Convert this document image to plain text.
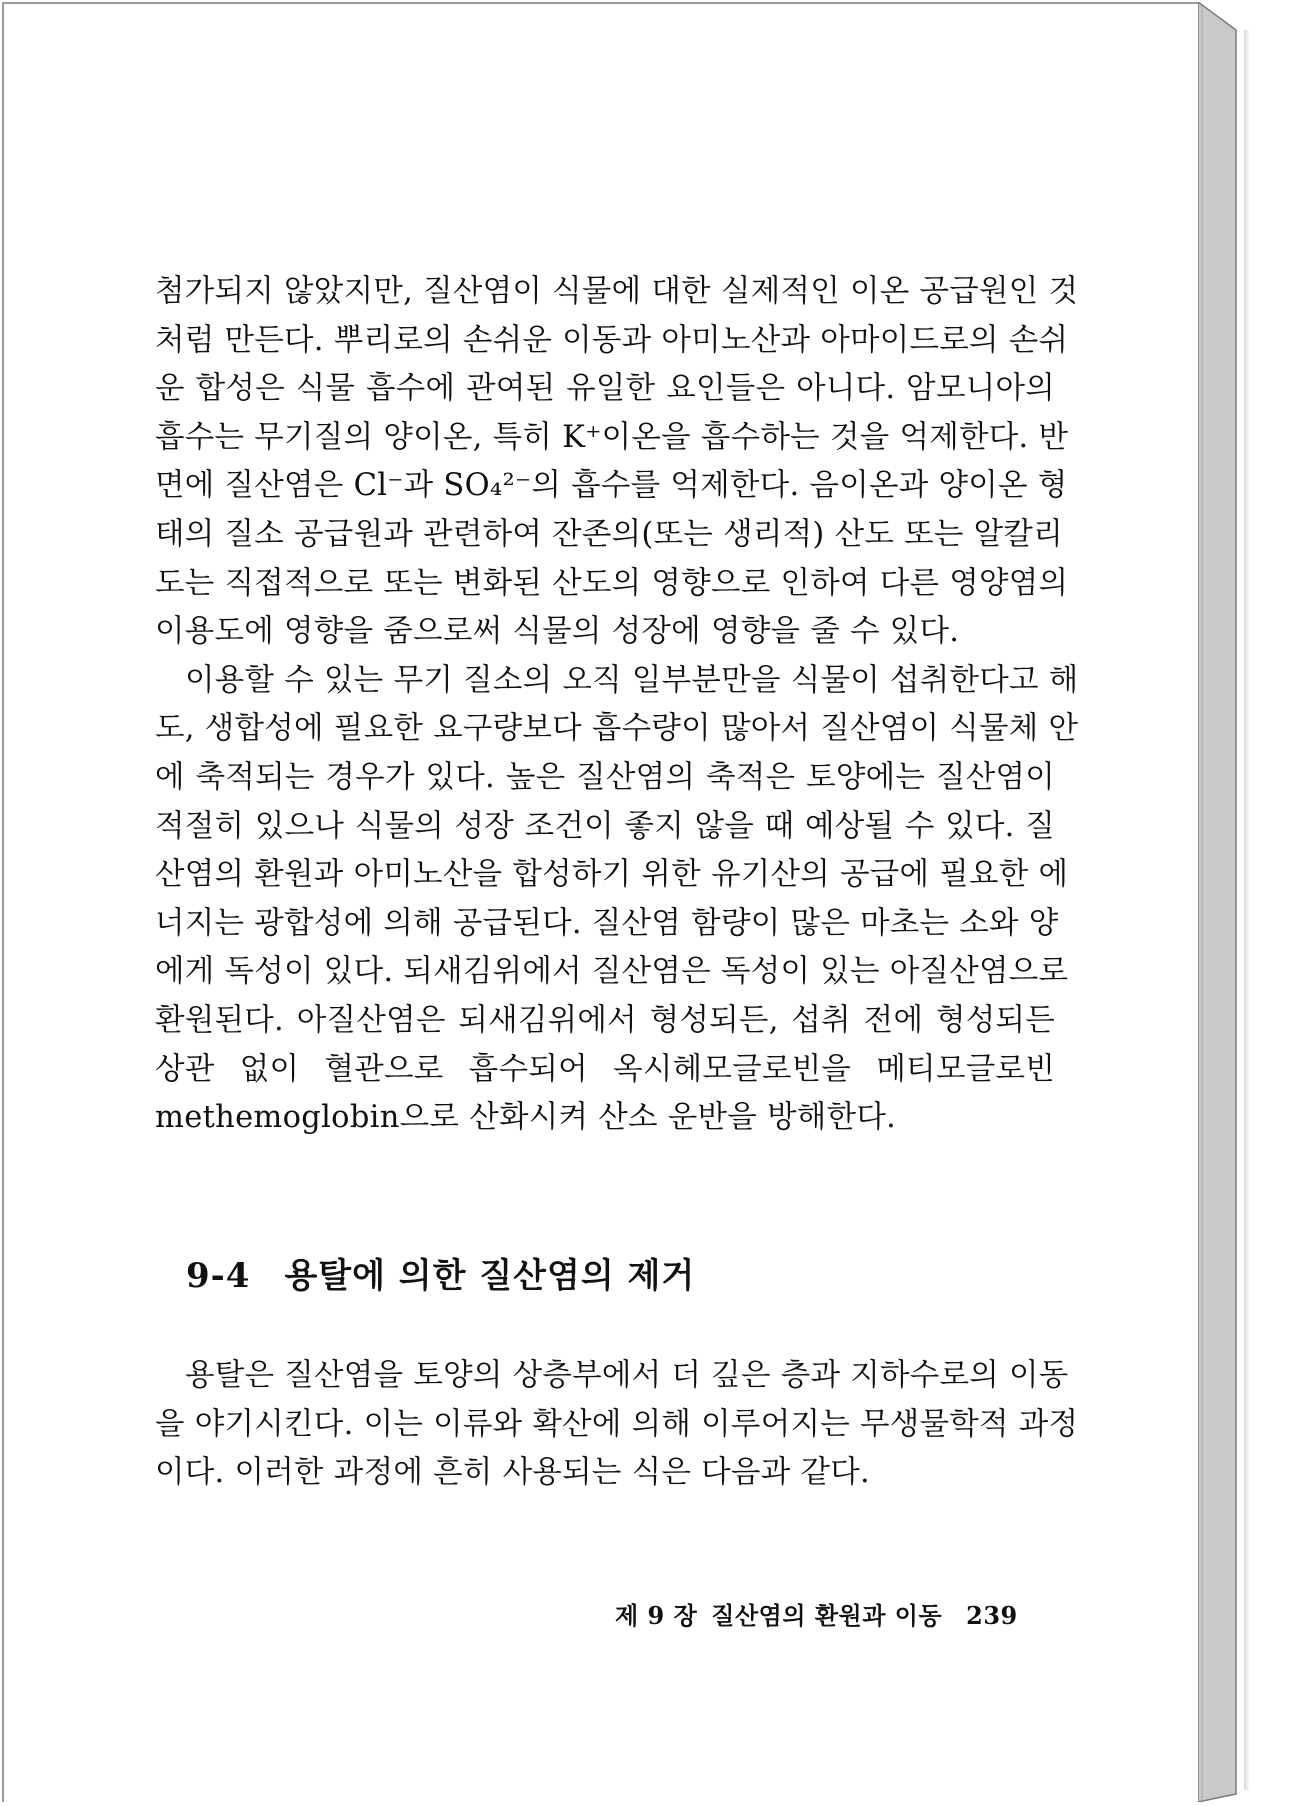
첨가되지 않았지만, 질산염이 식물에 대한 실제적인 이온 공급원인 것
처럼 만든다. 뿌리로의 손쉬운 이동과 아미노산과 아마이드로의 손쉬
운 합성은 식물 흡수에 관여된 유일한 요인들은 아니다. 암모니아의
흡수는 무기질의 양이온, 특히 K⁺이온을 흡수하는 것을 억제한다. 반
면에 질산염은 Cl⁻과 SO₄²⁻의 흡수를 억제한다. 음이온과 양이온 형
태의 질소 공급원과 관련하여 잔존의(또는 생리적) 산도 또는 알칼리
도는 직접적으로 또는 변화된 산도의 영향으로 인하여 다른 영양염의
이용도에 영향을 줌으로써 식물의 성장에 영향을 줄 수 있다.
이용할 수 있는 무기 질소의 오직 일부분만을 식물이 섭취한다고 해
도, 생합성에 필요한 요구량보다 흡수량이 많아서 질산염이 식물체 안
에 축적되는 경우가 있다. 높은 질산염의 축적은 토양에는 질산염이
적절히 있으나 식물의 성장 조건이 좋지 않을 때 예상될 수 있다. 질
산염의 환원과 아미노산을 합성하기 위한 유기산의 공급에 필요한 에
너지는 광합성에 의해 공급된다. 질산염 함량이 많은 마초는 소와 양
에게 독성이 있다. 되새김위에서 질산염은 독성이 있는 아질산염으로
환원된다. 아질산염은 되새김위에서 형성되든, 섭취 전에 형성되든
상관 없이 혈관으로 흡수되어 옥시헤모글로빈을 메티모글로빈
methemoglobin으로 산화시켜 산소 운반을 방해한다.
9-4 용탈에 의한 질산염의 제거
용탈은 질산염을 토양의 상층부에서 더 깊은 층과 지하수로의 이동
을 야기시킨다. 이는 이류와 확산에 의해 이루어지는 무생물학적 과정
이다. 이러한 과정에 흔히 사용되는 식은 다음과 같다.
제 9 장 질산염의 환원과 이동 239
